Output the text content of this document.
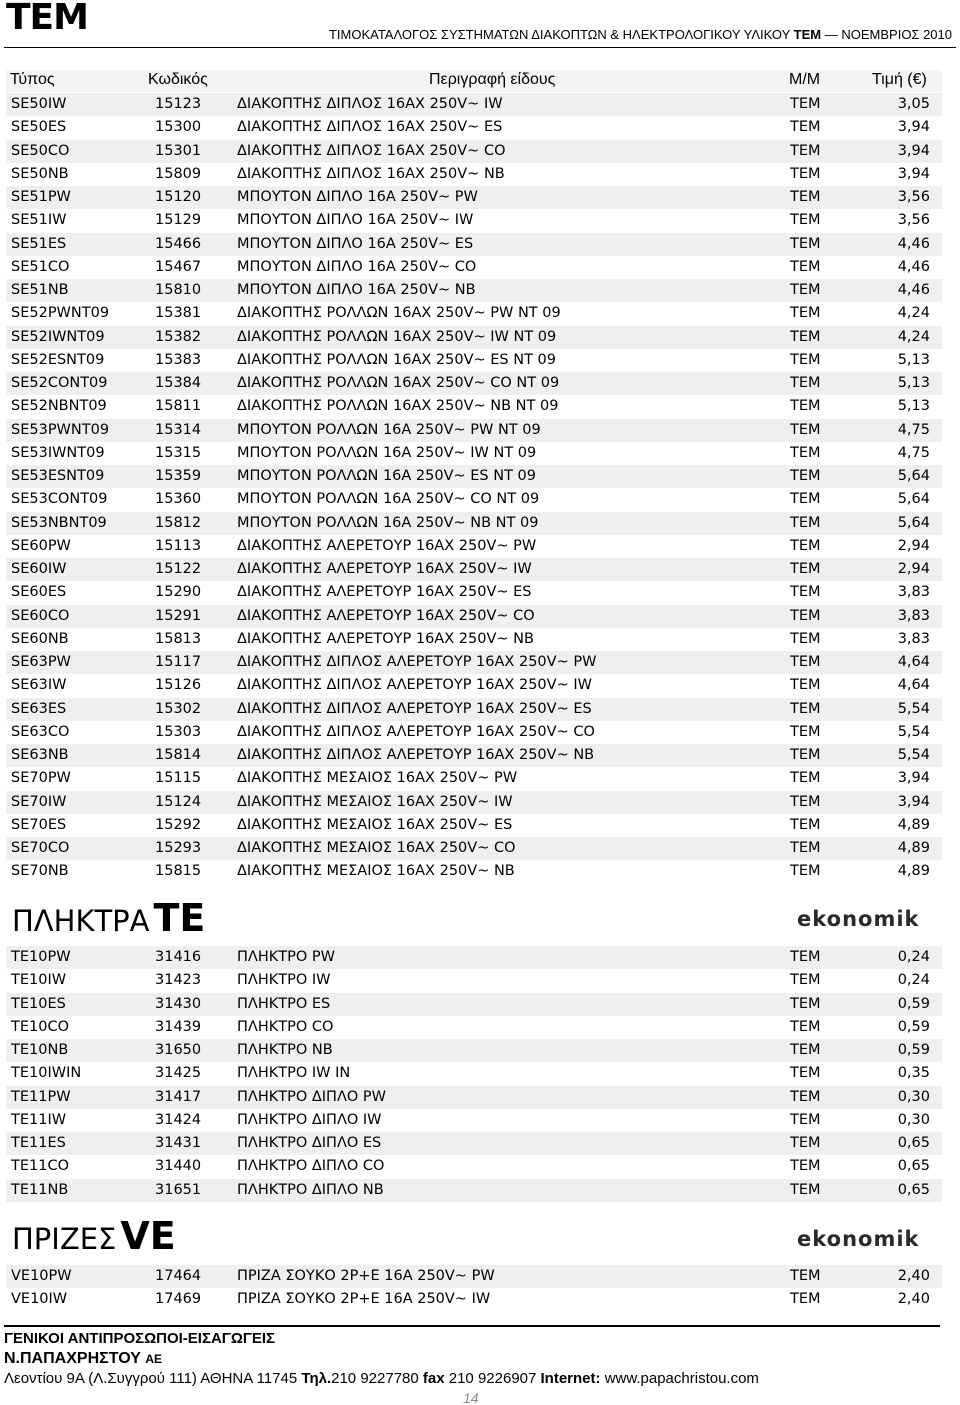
TEM	ΤΙΜΟΚΑΤΑΛΟΓΟΣ ΣΥΣΤΗΜΑΤΩΝ ΔΙΑΚΟΠΤΩΝ & ΗΛΕΚΤΡΟΛΟΓΙΚΟΥ ΥΛΙΚΟΥ TEM — ΝΟΕΜΒΡΙΟΣ 2010
Τύπος	Κωδικός	Περιγραφή είδους	Μ/Μ	Τιμή (€)
SE50IW	15123 ΔΙΑΚΟΠΤΗΣ ΔΙΠΛΟΣ 16AX 250V~ IW	TEM	3,05
SE50ES	15300 ΔΙΑΚΟΠΤΗΣ ΔΙΠΛΟΣ 16AX 250V~ ES	TEM	3,94
SE50CO	15301 ΔΙΑΚΟΠΤΗΣ ΔΙΠΛΟΣ 16AX 250V~ CO	TEM	3,94
SE50NB	15809 ΔΙΑΚΟΠΤΗΣ ΔΙΠΛΟΣ 16AX 250V~ NB	TEM	3,94
SE51PW	15120 ΜΠΟΥΤΟΝ ΔΙΠΛΟ 16A 250V~ PW	TEM	3,56
SE51IW	15129 ΜΠΟΥΤΟΝ ΔΙΠΛΟ 16A 250V~ IW	TEM	3,56
SE51ES	15466 ΜΠΟΥΤΟΝ ΔΙΠΛΟ 16A 250V~ ES	TEM	4,46
SE51CO	15467 ΜΠΟΥΤΟΝ ΔΙΠΛΟ 16A 250V~ CO	TEM	4,46
SE51NB	15810 ΜΠΟΥΤΟΝ ΔΙΠΛΟ 16A 250V~ NB	TEM	4,46
SE52PWNT09	15381 ΔΙΑΚΟΠΤΗΣ ΡΟΛΛΩΝ 16AX 250V~ PW NT 09	TEM	4,24
SE52IWNT09	15382 ΔΙΑΚΟΠΤΗΣ ΡΟΛΛΩΝ 16AX 250V~ IW NT 09	TEM	4,24
SE52ESNT09	15383 ΔΙΑΚΟΠΤΗΣ ΡΟΛΛΩΝ 16AX 250V~ ES NT 09	TEM	5,13
SE52CONT09	15384 ΔΙΑΚΟΠΤΗΣ ΡΟΛΛΩΝ 16AX 250V~ CO NT 09	TEM	5,13
SE52NBNT09	15811 ΔΙΑΚΟΠΤΗΣ ΡΟΛΛΩΝ 16AX 250V~ NB NT 09	TEM	5,13
SE53PWNT09	15314 ΜΠΟΥΤΟΝ ΡΟΛΛΩΝ 16A 250V~ PW NT 09	TEM	4,75
SE53IWNT09	15315 ΜΠΟΥΤΟΝ ΡΟΛΛΩΝ 16A 250V~ IW NT 09	TEM	4,75
SE53ESNT09	15359 ΜΠΟΥΤΟΝ ΡΟΛΛΩΝ 16A 250V~ ES NT 09	TEM	5,64
SE53CONT09	15360 ΜΠΟΥΤΟΝ ΡΟΛΛΩΝ 16A 250V~ CO NT 09	TEM	5,64
SE53NBNT09	15812 ΜΠΟΥΤΟΝ ΡΟΛΛΩΝ 16A 250V~ NB NT 09	TEM	5,64
SE60PW	15113 ΔΙΑΚΟΠΤΗΣ ΑΛΕΡΕΤΟΥΡ 16AX 250V~ PW	TEM	2,94
SE60IW	15122 ΔΙΑΚΟΠΤΗΣ ΑΛΕΡΕΤΟΥΡ 16AX 250V~ IW	TEM	2,94
SE60ES	15290 ΔΙΑΚΟΠΤΗΣ ΑΛΕΡΕΤΟΥΡ 16AX 250V~ ES	TEM	3,83
SE60CO	15291 ΔΙΑΚΟΠΤΗΣ ΑΛΕΡΕΤΟΥΡ 16AX 250V~ CO	TEM	3,83
SE60NB	15813 ΔΙΑΚΟΠΤΗΣ ΑΛΕΡΕΤΟΥΡ 16AX 250V~ NB	TEM	3,83
SE63PW	15117 ΔΙΑΚΟΠΤΗΣ ΔΙΠΛΟΣ ΑΛΕΡΕΤΟΥΡ 16AX 250V~ PW	TEM	4,64
SE63IW	15126 ΔΙΑΚΟΠΤΗΣ ΔΙΠΛΟΣ ΑΛΕΡΕΤΟΥΡ 16AX 250V~ IW	TEM	4,64
SE63ES	15302 ΔΙΑΚΟΠΤΗΣ ΔΙΠΛΟΣ ΑΛΕΡΕΤΟΥΡ 16AX 250V~ ES	TEM	5,54
SE63CO	15303 ΔΙΑΚΟΠΤΗΣ ΔΙΠΛΟΣ ΑΛΕΡΕΤΟΥΡ 16AX 250V~ CO	TEM	5,54
SE63NB	15814 ΔΙΑΚΟΠΤΗΣ ΔΙΠΛΟΣ ΑΛΕΡΕΤΟΥΡ 16AX 250V~ NB	TEM	5,54
SE70PW	15115 ΔΙΑΚΟΠΤΗΣ ΜΕΣΑΙΟΣ 16AX 250V~ PW	TEM	3,94
SE70IW	15124 ΔΙΑΚΟΠΤΗΣ ΜΕΣΑΙΟΣ 16AX 250V~ IW	TEM	3,94
SE70ES	15292 ΔΙΑΚΟΠΤΗΣ ΜΕΣΑΙΟΣ 16AX 250V~ ES	TEM	4,89
SE70CO	15293 ΔΙΑΚΟΠΤΗΣ ΜΕΣΑΙΟΣ 16AX 250V~ CO	TEM	4,89
SE70NB	15815 ΔΙΑΚΟΠΤΗΣ ΜΕΣΑΙΟΣ 16AX 250V~ NB	TEM	4,89
ΠΛΗΚΤΡΑ TE	ekonomik
TE10PW	31416 ΠΛΗΚΤΡΟ PW	TEM	0,24
TE10IW	31423 ΠΛΗΚΤΡΟ IW	TEM	0,24
TE10ES	31430 ΠΛΗΚΤΡΟ ES	TEM	0,59
TE10CO	31439 ΠΛΗΚΤΡΟ CO	TEM	0,59
TE10NB	31650 ΠΛΗΚΤΡΟ NB	TEM	0,59
TE10IWIN	31425 ΠΛΗΚΤΡΟ IW IN	TEM	0,35
TE11PW	31417 ΠΛΗΚΤΡΟ ΔΙΠΛΟ PW	TEM	0,30
TE11IW	31424 ΠΛΗΚΤΡΟ ΔΙΠΛΟ IW	TEM	0,30
TE11ES	31431 ΠΛΗΚΤΡΟ ΔΙΠΛΟ ES	TEM	0,65
TE11CO	31440 ΠΛΗΚΤΡΟ ΔΙΠΛΟ CO	TEM	0,65
TE11NB	31651 ΠΛΗΚΤΡΟ ΔΙΠΛΟ NB	TEM	0,65
ΠΡΙΖΕΣ VE	ekonomik
VE10PW	17464 ΠΡΙΖΑ ΣΟΥΚΟ 2P+E 16A 250V~ PW	TEM	2,40
VE10IW	17469 ΠΡΙΖΑ ΣΟΥΚΟ 2P+E 16A 250V~ IW	TEM	2,40
ΓΕΝΙΚΟΙ ΑΝΤΙΠΡΟΣΩΠΟΙ-ΕΙΣΑΓΩΓΕΙΣ
Ν.ΠΑΠΑΧΡΗΣΤΟΥ ΑΕ
Λεοντίου 9Α (Λ.Συγγρού 111) ΑΘΗΝΑ 11745 Τηλ.210 9227780 fax 210 9226907 Internet: www.papachristou.com
14
